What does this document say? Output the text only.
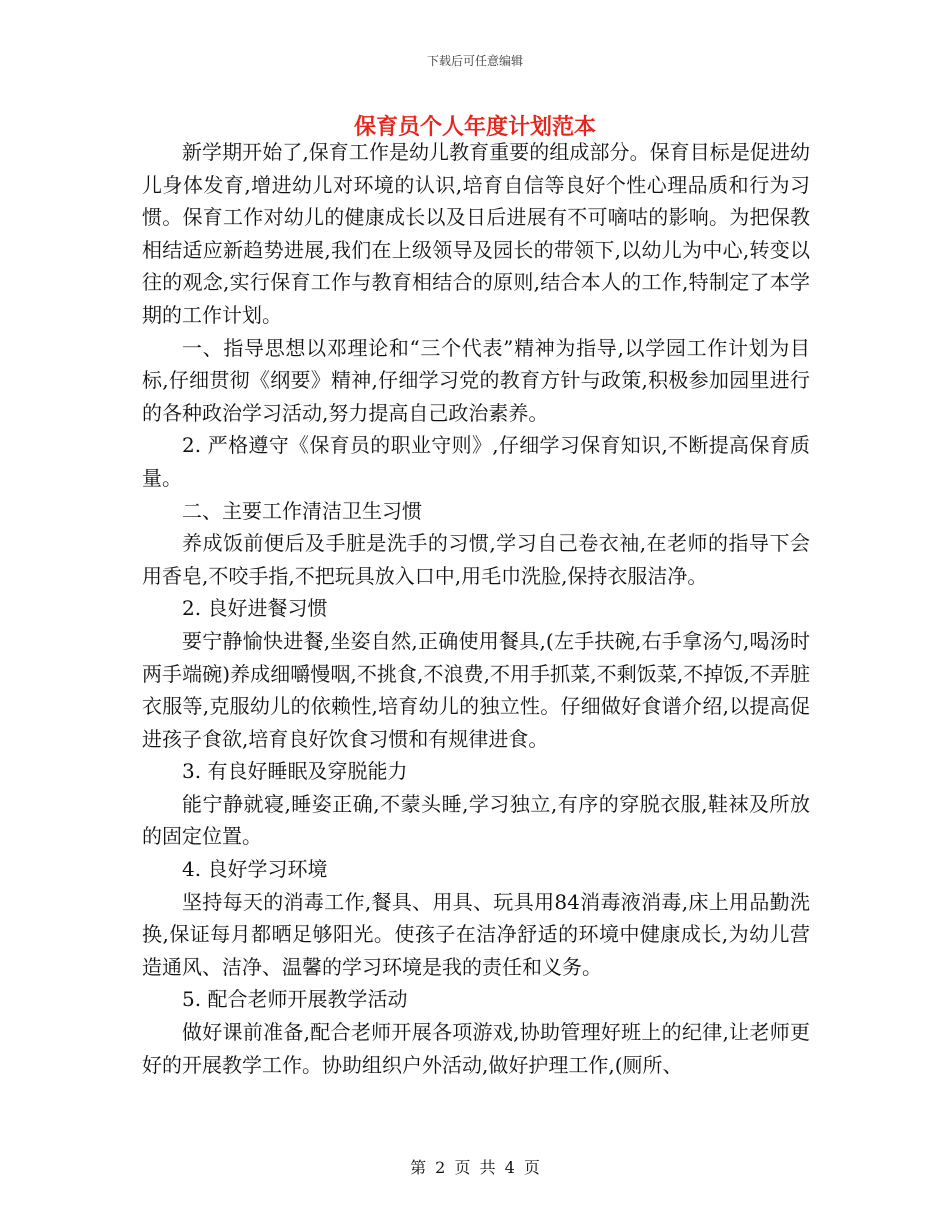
下载后可任意编辑
保育员个人年度计划范本

新学期开始了,保育工作是幼儿教育重要的组成部分。保育目标是促进幼儿身体发育,增进幼儿对环境的认识,培育自信等良好个性心理品质和行为习惯。保育工作对幼儿的健康成长以及日后进展有不可嘀咕的影响。为把保教相结适应新趋势进展,我们在上级领导及园长的带领下,以幼儿为中心,转变以往的观念,实行保育工作与教育相结合的原则,结合本人的工作,特制定了本学期的工作计划。

一、指导思想以邓理论和“三个代表”精神为指导,以学园工作计划为目标,仔细贯彻《纲要》精神,仔细学习党的教育方针与政策,积极参加园里进行的各种政治学习活动,努力提高自己政治素养。

2. 严格遵守《保育员的职业守则》,仔细学习保育知识,不断提高保育质量。

二、主要工作清洁卫生习惯

养成饭前便后及手脏是洗手的习惯,学习自己卷衣袖,在老师的指导下会用香皂,不咬手指,不把玩具放入口中,用毛巾洗脸,保持衣服洁净。

2. 良好进餐习惯

要宁静愉快进餐,坐姿自然,正确使用餐具,(左手扶碗,右手拿汤勺,喝汤时两手端碗)养成细嚼慢咽,不挑食,不浪费,不用手抓菜,不剩饭菜,不掉饭,不弄脏衣服等,克服幼儿的依赖性,培育幼儿的独立性。仔细做好食谱介绍,以提高促进孩子食欲,培育良好饮食习惯和有规律进食。

3. 有良好睡眠及穿脱能力

能宁静就寝,睡姿正确,不蒙头睡,学习独立,有序的穿脱衣服,鞋袜及所放的固定位置。

4. 良好学习环境

坚持每天的消毒工作,餐具、用具、玩具用84消毒液消毒,床上用品勤洗换,保证每月都晒足够阳光。使孩子在洁净舒适的环境中健康成长,为幼儿营造通风、洁净、温馨的学习环境是我的责任和义务。

5. 配合老师开展教学活动

做好课前准备,配合老师开展各项游戏,协助管理好班上的纪律,让老师更好的开展教学工作。协助组织户外活动,做好护理工作,(厕所、

第 2 页 共 4 页
